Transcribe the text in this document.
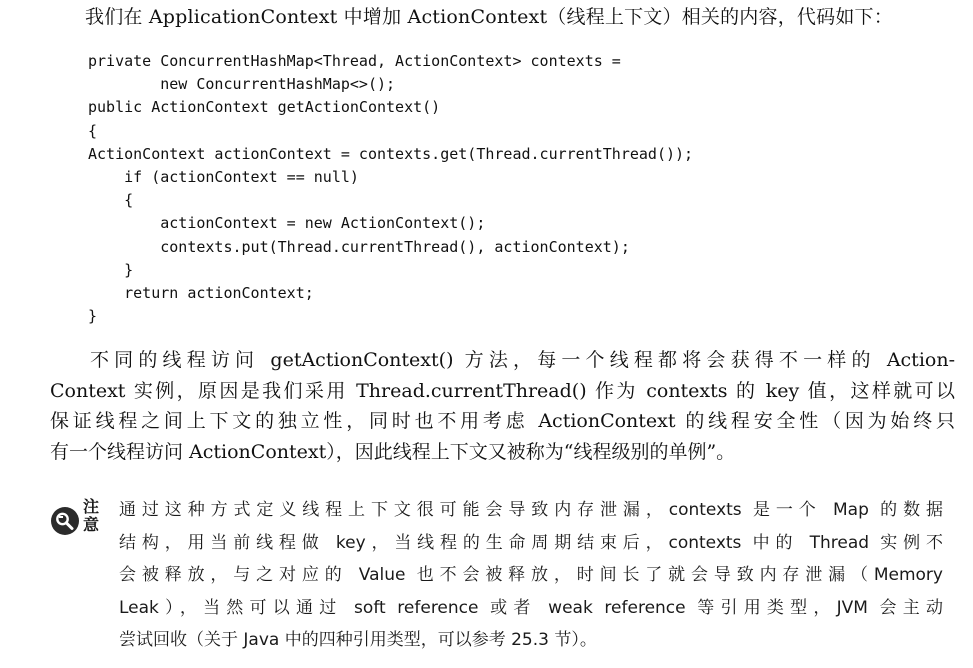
我们在 ApplicationContext 中增加 ActionContext（线程上下文）相关的内容，代码如下：
private ConcurrentHashMap<Thread, ActionContext> contexts =
new ConcurrentHashMap<>();
public ActionContext getActionContext()
{
ActionContext actionContext = contexts.get(Thread.currentThread());
if (actionContext == null)
{
actionContext = new ActionContext();
contexts.put(Thread.currentThread(), actionContext);
}
return actionContext;
}
不同的线程访问 getActionContext() 方法，每一个线程都将会获得不一样的 Action-
Context 实例，原因是我们采用 Thread.currentThread() 作为 contexts 的 key 值，这样就可以
保证线程之间上下文的独立性，同时也不用考虑 ActionContext 的线程安全性（因为始终只
有一个线程访问 ActionContext），因此线程上下文又被称为“线程级别的单例”。
注
意
通过这种方式定义线程上下文很可能会导致内存泄漏，contexts 是一个 Map 的数据
结构，用当前线程做 key，当线程的生命周期结束后，contexts 中的 Thread 实例不
会被释放，与之对应的 Value 也不会被释放，时间长了就会导致内存泄漏（Memory
Leak），当然可以通过 soft reference 或者 weak reference 等引用类型，JVM 会主动
尝试回收（关于 Java 中的四种引用类型，可以参考 25.3 节）。
